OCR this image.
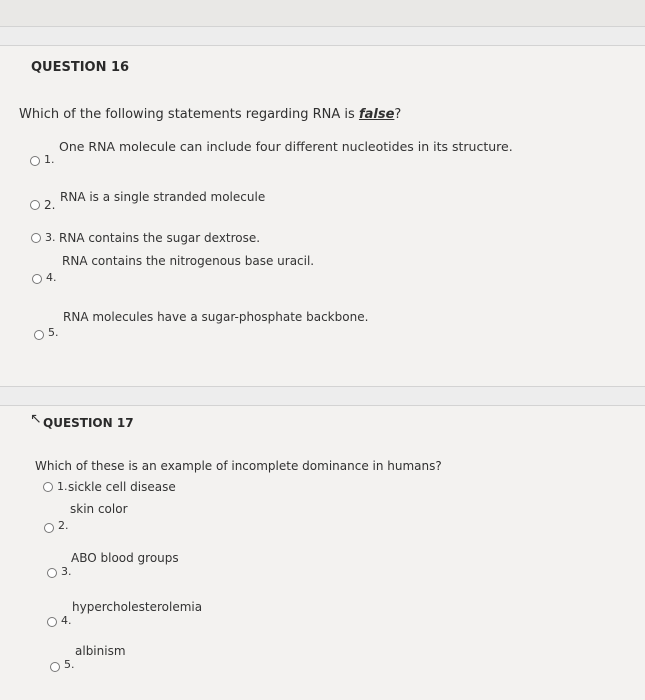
QUESTION 16
Which of the following statements regarding RNA is false?
1.
One RNA molecule can include four different nucleotides in its structure.
2.
RNA is a single stranded molecule
3. RNA contains the sugar dextrose.
4.
RNA contains the nitrogenous base uracil.
5.
RNA molecules have a sugar-phosphate backbone.
↖ QUESTION 17
Which of these is an example of incomplete dominance in humans?
1. sickle cell disease
2.
skin color
3.
ABO blood groups
4.
hypercholesterolemia
5.
albinism
